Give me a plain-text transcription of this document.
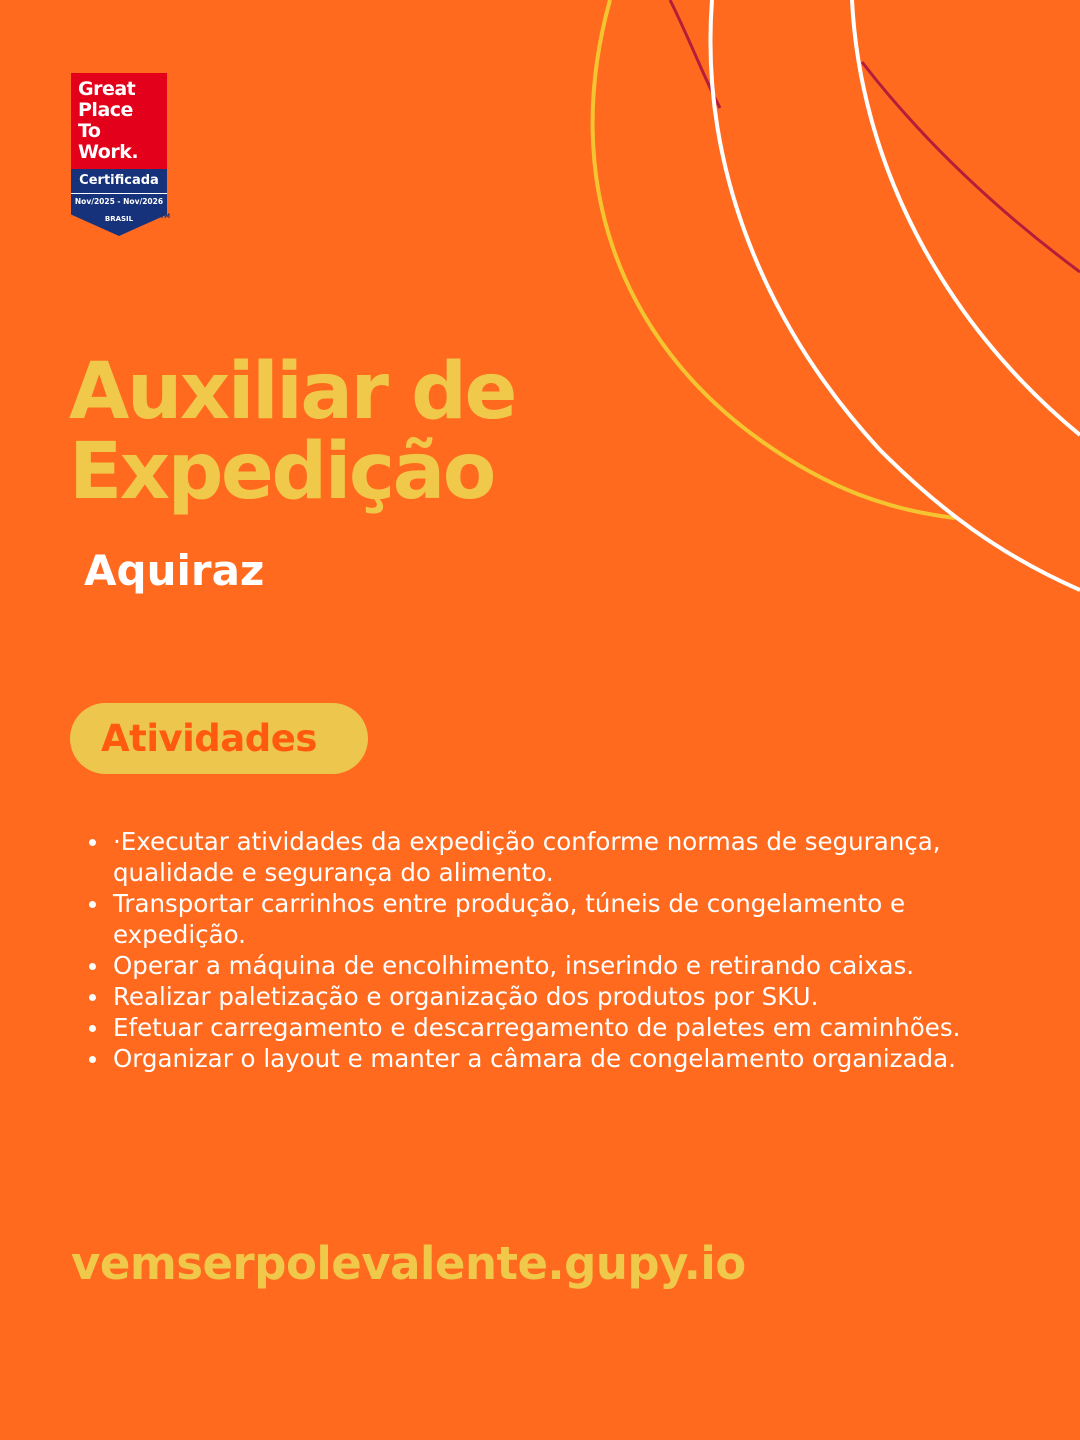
Great
Place
To
Work.
Certificada
Nov/2025 - Nov/2026
BRASIL	TM
Auxiliar de
Expedição

Aquiraz

Atividades
·Executar atividades da expedição conforme normas de segurança, qualidade e segurança do alimento.
Transportar carrinhos entre produção, túneis de congelamento e expedição.
Operar a máquina de encolhimento, inserindo e retirando caixas.
Realizar paletização e organização dos produtos por SKU.
Efetuar carregamento e descarregamento de paletes em caminhões.
Organizar o layout e manter a câmara de congelamento organizada.

vemserpolevalente.gupy.io
